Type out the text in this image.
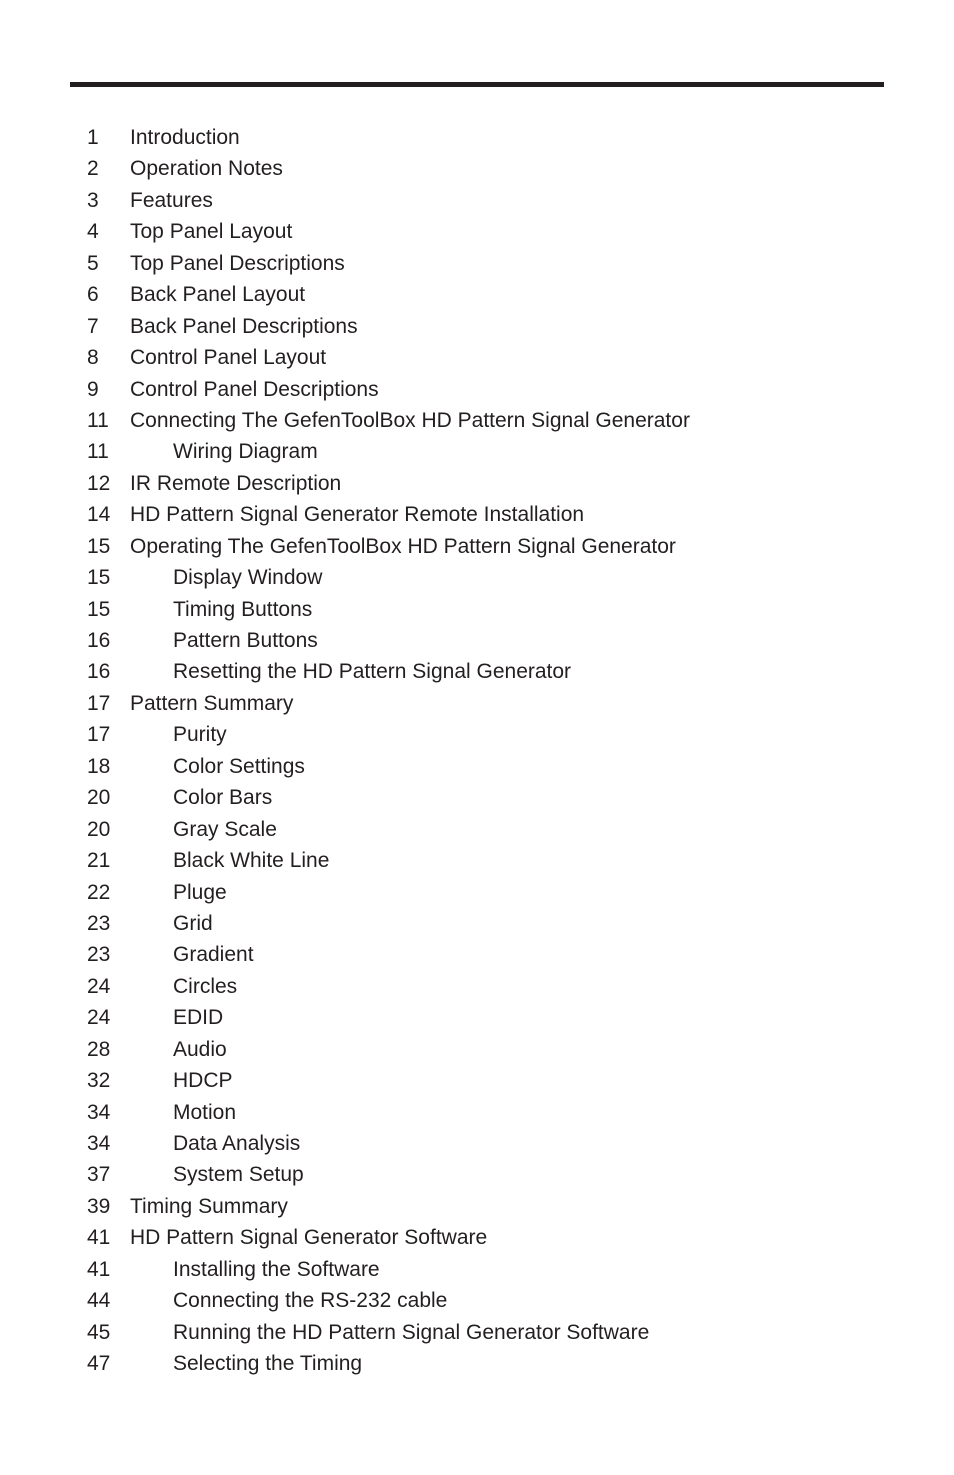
1 Introduction
2 Operation Notes
3 Features
4 Top Panel Layout
5 Top Panel Descriptions
6 Back Panel Layout
7 Back Panel Descriptions
8 Control Panel Layout
9 Control Panel Descriptions
11 Connecting The GefenToolBox HD Pattern Signal Generator
11	Wiring Diagram
12 IR Remote Description
14 HD Pattern Signal Generator Remote Installation
15 Operating The GefenToolBox HD Pattern Signal Generator
15	Display Window
15	Timing Buttons
16	Pattern Buttons
16	Resetting the HD Pattern Signal Generator
17 Pattern Summary
17	Purity
18	Color Settings
20	Color Bars
20	Gray Scale
21	Black White Line
22	Pluge
23	Grid
23	Gradient
24	Circles
24	EDID
28	Audio
32	HDCP
34	Motion
34	Data Analysis
37	System Setup
39 Timing Summary
41 HD Pattern Signal Generator Software
41	Installing the Software
44	Connecting the RS-232 cable
45	Running the HD Pattern Signal Generator Software
47	Selecting the Timing
